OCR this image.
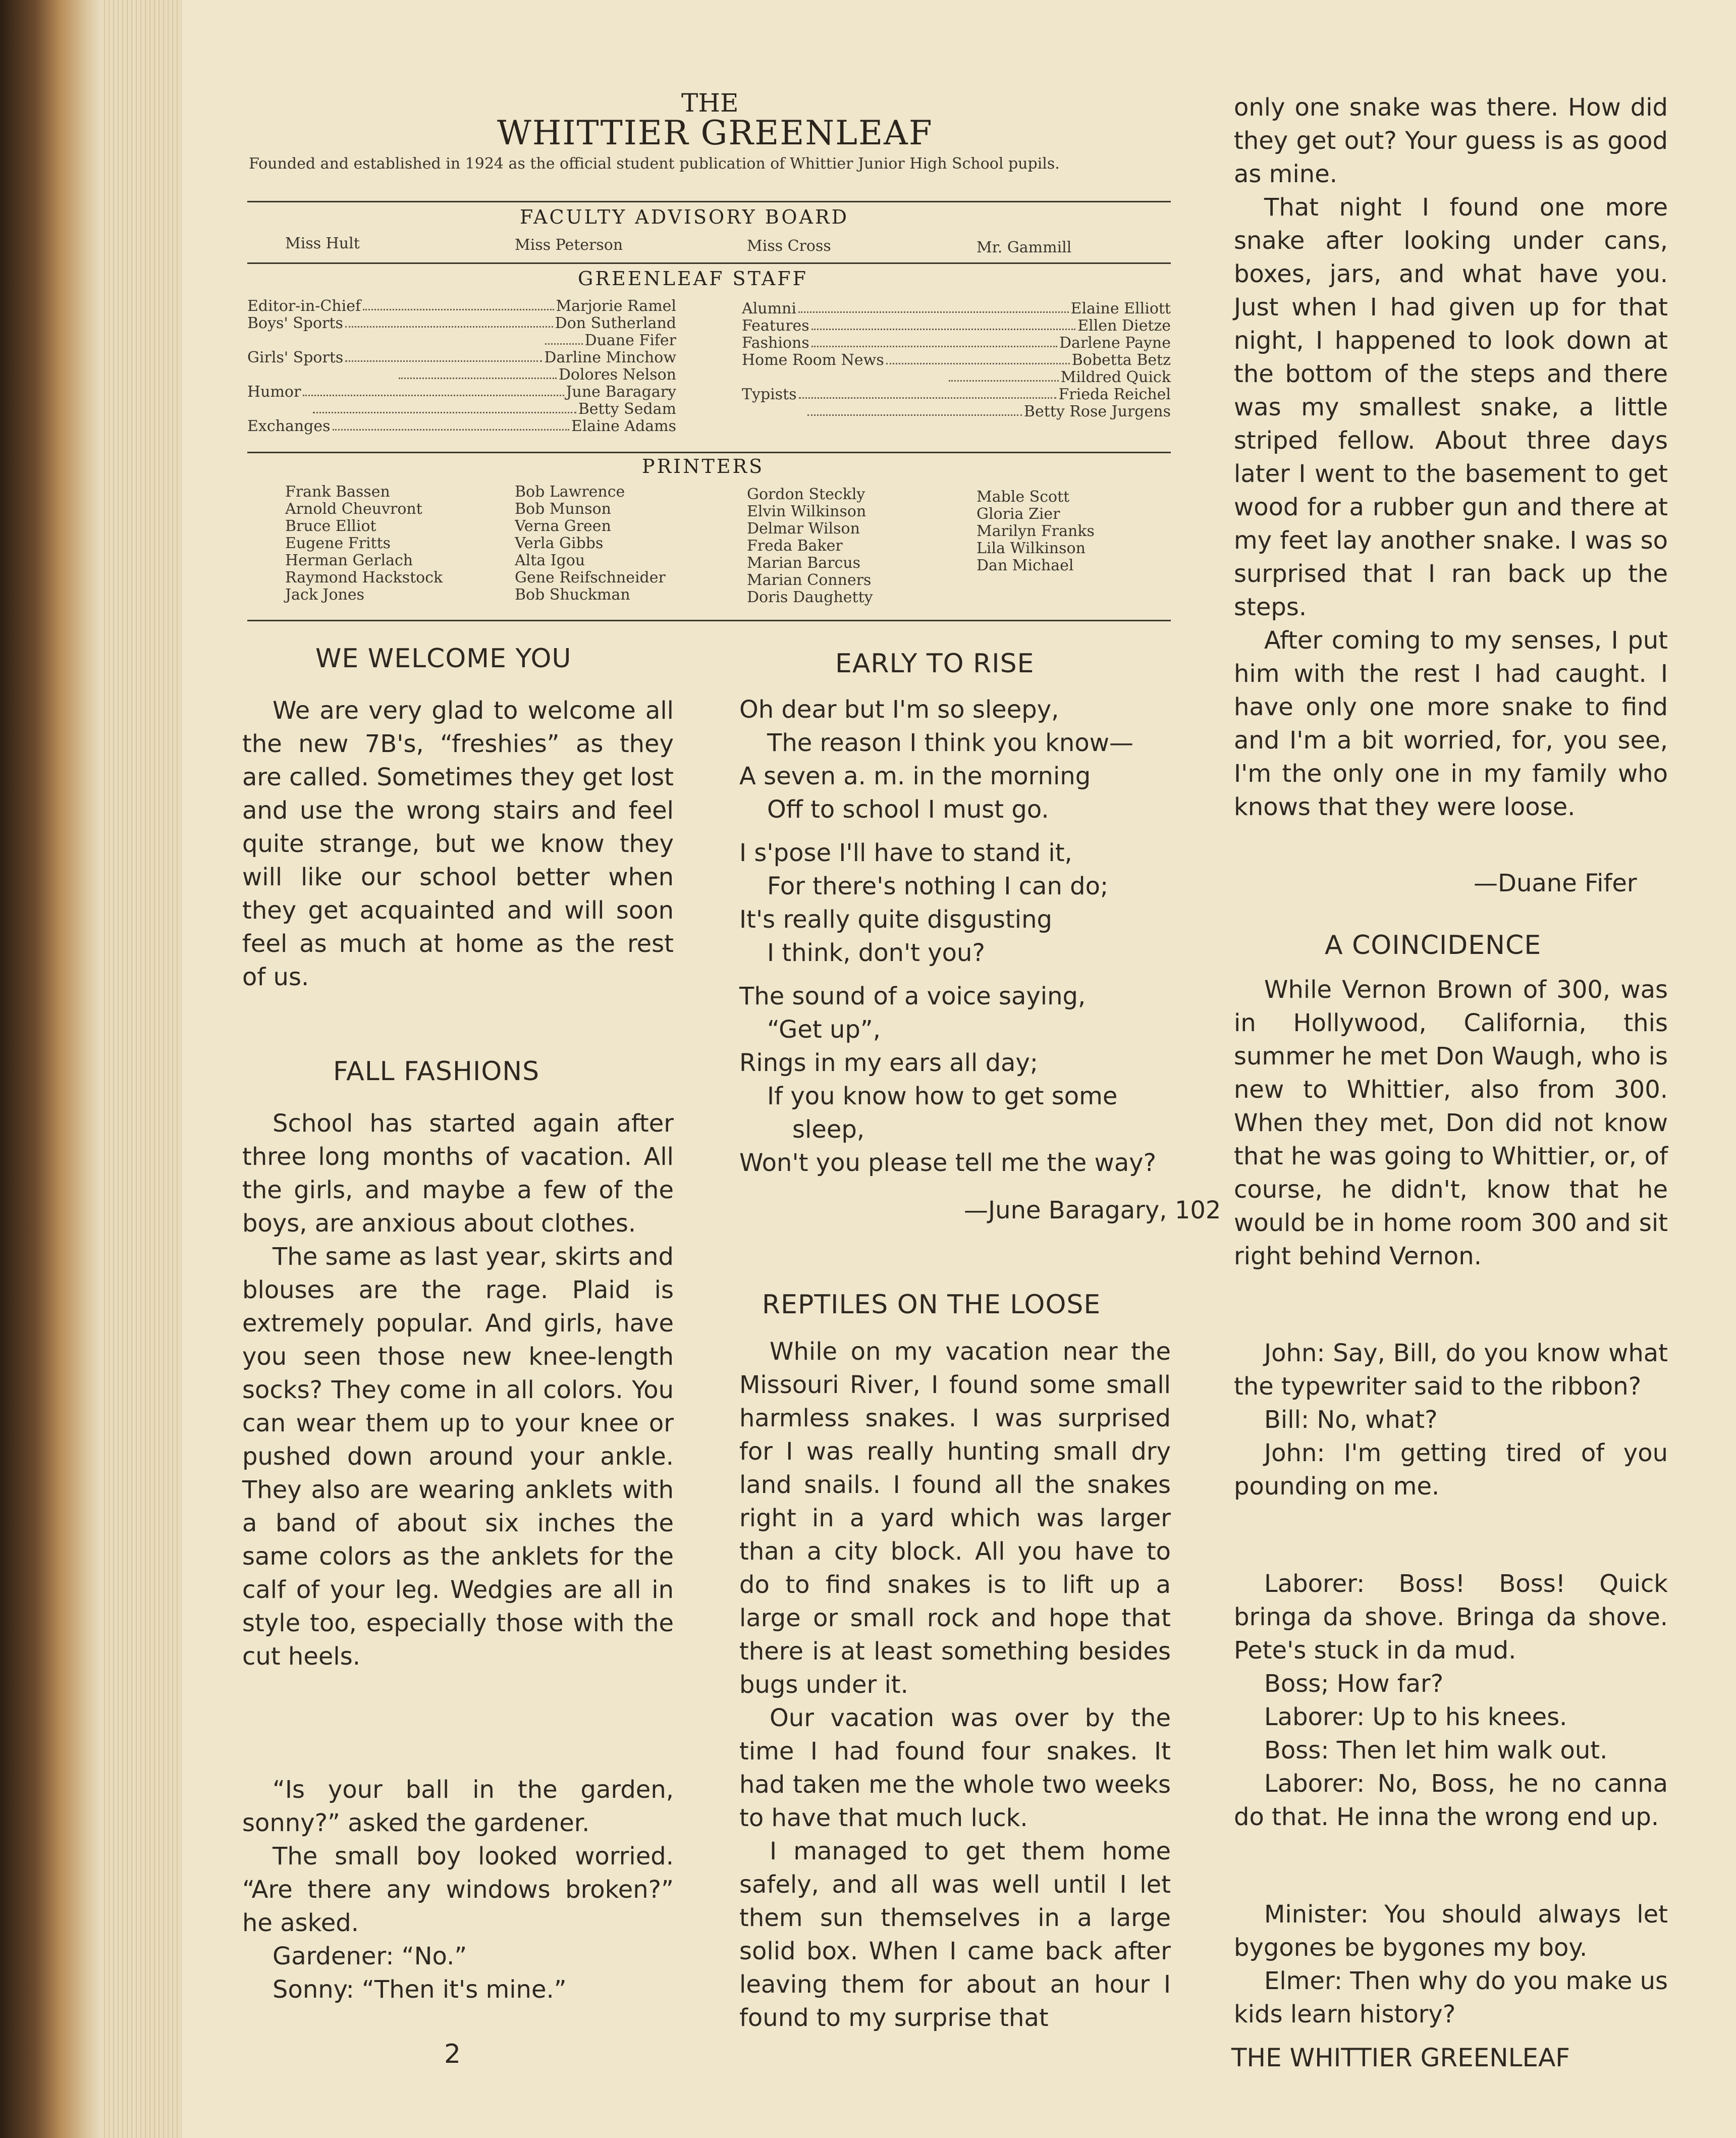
THE
WHITTIER GREENLEAF
Founded and established in 1924 as the official student publication of Whittier Junior High School pupils.
FACULTY ADVISORY BOARD
Miss Hult	Miss Peterson	Miss Cross	Mr. Gammill
GREENLEAF STAFF
Editor-in-Chief	Marjorie Ramel
Boys' Sports	Don Sutherland
Duane Fifer
Girls' Sports	Darline Minchow
Dolores Nelson
Humor	June Baragary
Betty Sedam
Exchanges	Elaine Adams
Alumni	Elaine Elliott
Features	Ellen Dietze
Fashions	Darlene Payne
Home Room News	Bobetta Betz
Mildred Quick
Typists	Frieda Reichel
Betty Rose Jurgens
PRINTERS
Frank Bassen
Arnold Cheuvront
Bruce Elliot
Eugene Fritts
Herman Gerlach
Raymond Hackstock
Jack Jones
Bob Lawrence
Bob Munson
Verna Green
Verla Gibbs
Alta Igou
Gene Reifschneider
Bob Shuckman
Gordon Steckly
Elvin Wilkinson
Delmar Wilson
Freda Baker
Marian Barcus
Marian Conners
Doris Daughetty
Mable Scott
Gloria Zier
Marilyn Franks
Lila Wilkinson
Dan Michael
WE WELCOME YOU

We are very glad to welcome all the new 7B's, “freshies” as they are called. Sometimes they get lost and use the wrong stairs and feel quite strange, but we know they will like our school better when they get acquainted and will soon feel as much at home as the rest of us.

FALL FASHIONS

School has started again after three long months of vacation. All the girls, and maybe a few of the boys, are anxious about clothes.

The same as last year, skirts and blouses are the rage. Plaid is extremely popular. And girls, have you seen those new knee-length socks? They come in all colors. You can wear them up to your knee or pushed down around your ankle. They also are wearing anklets with a band of about six inches the same colors as the anklets for the calf of your leg. Wedgies are all in style too, especially those with the cut heels.

“Is your ball in the garden, sonny?” asked the gardener.

The small boy looked worried. “Are there any windows broken?” he asked.

Gardener: “No.”

Sonny: “Then it's mine.”

2
EARLY TO RISE
Oh dear but I'm so sleepy,
The reason I think you know—
A seven a. m. in the morning
Off to school I must go.
I s'pose I'll have to stand it,
For there's nothing I can do;
It's really quite disgusting
I think, don't you?
The sound of a voice saying,
“Get up”,
Rings in my ears all day;
If you know how to get some
sleep,
Won't you please tell me the way?
—June Baragary, 102
REPTILES ON THE LOOSE

While on my vacation near the Missouri River, I found some small harmless snakes. I was surprised for I was really hunting small dry land snails. I found all the snakes right in a yard which was larger than a city block. All you have to do to find snakes is to lift up a large or small rock and hope that there is at least something besides bugs under it.

Our vacation was over by the time I had found four snakes. It had taken me the whole two weeks to have that much luck.

I managed to get them home safely, and all was well until I let them sun themselves in a large solid box. When I came back after leaving them for about an hour I found to my surprise that

only one snake was there. How did they get out? Your guess is as good as mine.

That night I found one more snake after looking under cans, boxes, jars, and what have you. Just when I had given up for that night, I happened to look down at the bottom of the steps and there was my smallest snake, a little striped fellow. About three days later I went to the basement to get wood for a rubber gun and there at my feet lay another snake. I was so surprised that I ran back up the steps.

After coming to my senses, I put him with the rest I had caught. I have only one more snake to find and I'm a bit worried, for, you see, I'm the only one in my family who knows that they were loose.

—Duane Fifer
A COINCIDENCE

While Vernon Brown of 300, was in Hollywood, California, this summer he met Don Waugh, who is new to Whittier, also from 300. When they met, Don did not know that he was going to Whittier, or, of course, he didn't, know that he would be in home room 300 and sit right behind Vernon.

John: Say, Bill, do you know what the typewriter said to the ribbon?

Bill: No, what?

John: I'm getting tired of you pounding on me.

Laborer: Boss! Boss! Quick bringa da shove. Bringa da shove. Pete's stuck in da mud.

Boss; How far?

Laborer: Up to his knees.

Boss: Then let him walk out.

Laborer: No, Boss, he no canna do that. He inna the wrong end up.

Minister: You should always let bygones be bygones my boy.

Elmer: Then why do you make us kids learn history?

THE WHITTIER GREENLEAF
